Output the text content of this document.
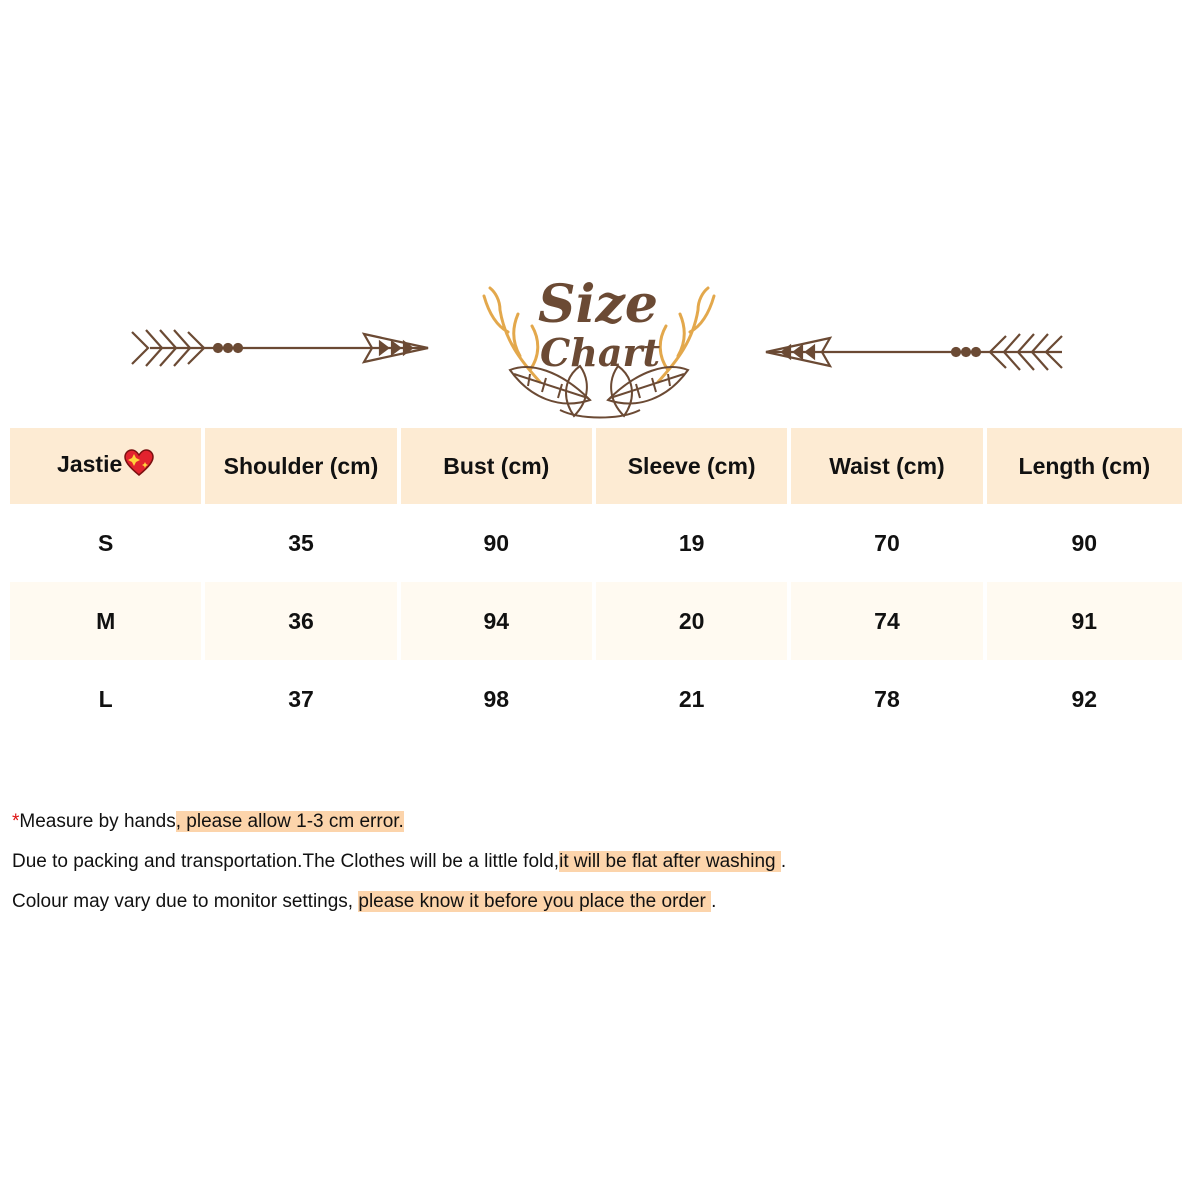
Size
Chart
Jastie	Shoulder (cm)	Bust (cm)	Sleeve (cm)	Waist (cm)	Length (cm)
S	35	90	19	70	90
M	36	94	20	74	91
L	37	98	21	78	92
*Measure by hands, please allow 1-3 cm error.
Due to packing and transportation.The Clothes will be a little fold,it will be flat after washing .
Colour may vary due to monitor settings, please know it before you place the order .
